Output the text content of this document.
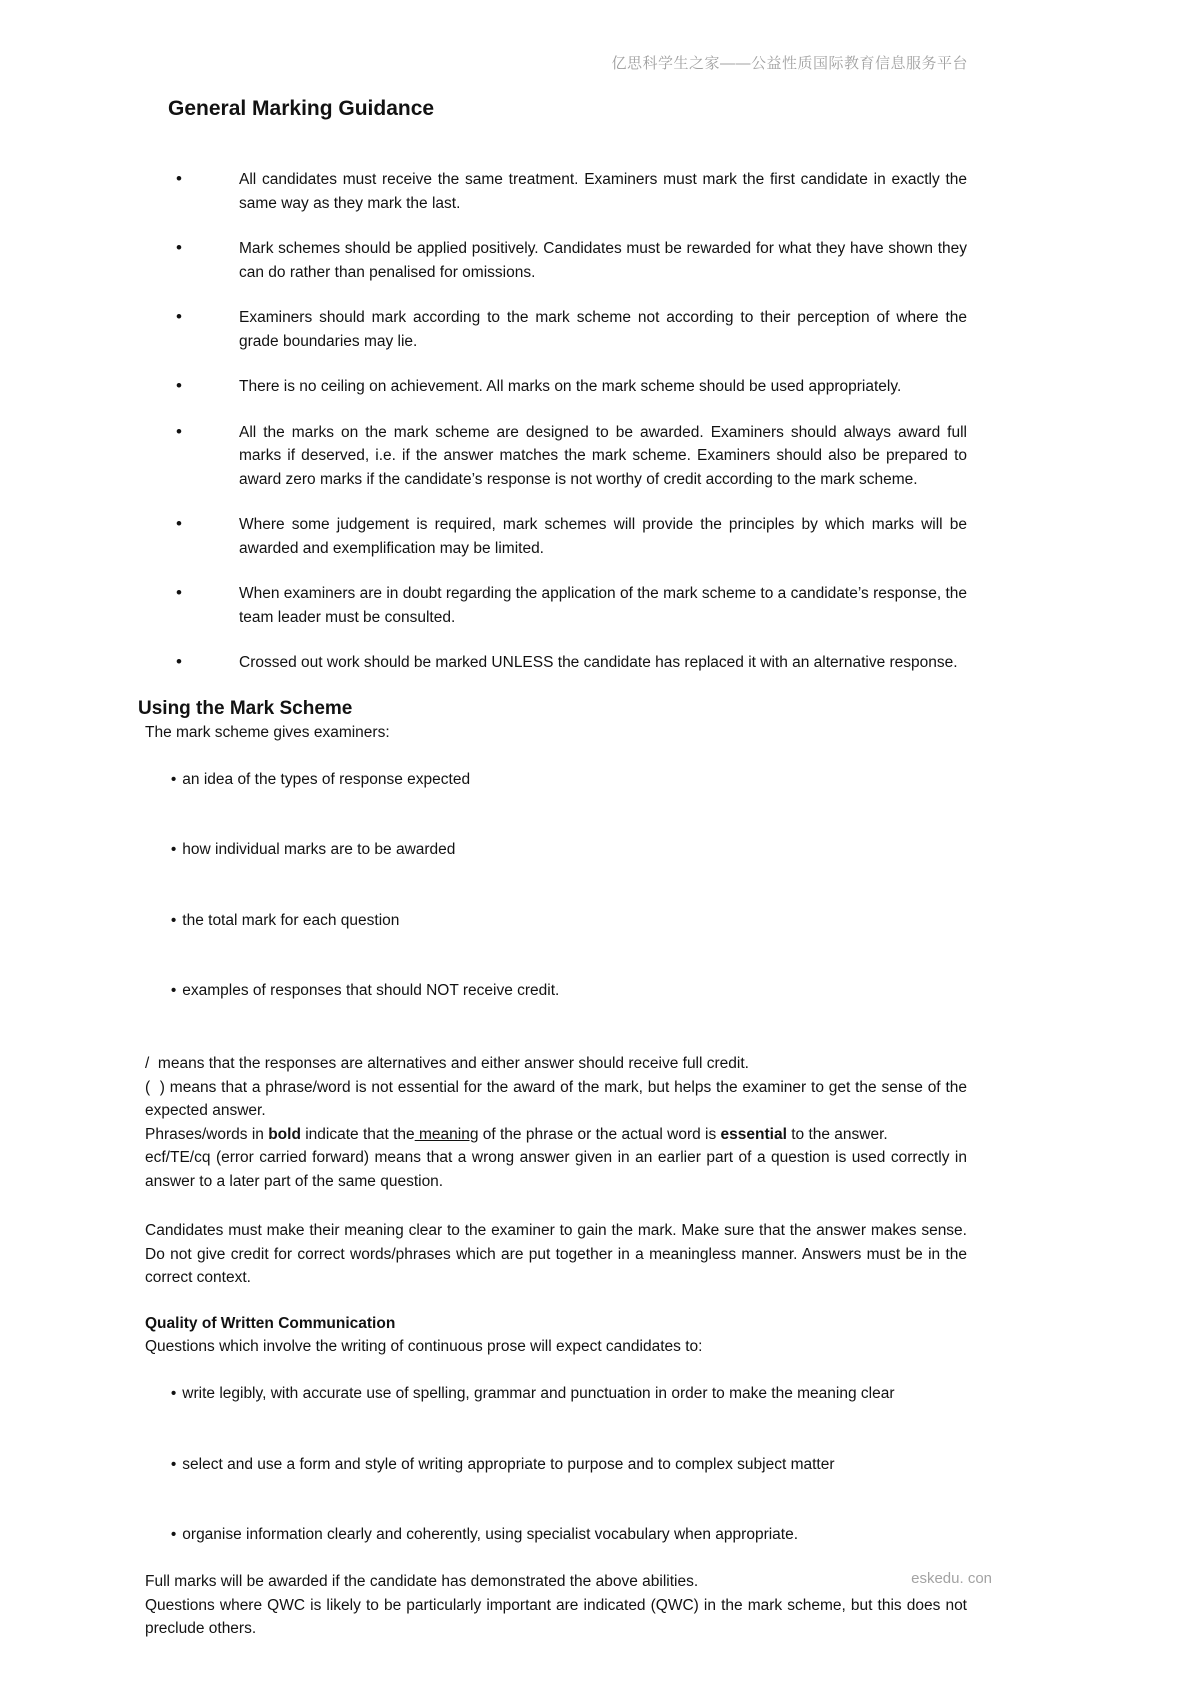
亿思科学生之家——公益性质国际教育信息服务平台
General Marking Guidance
•	All candidates must receive the same treatment. Examiners must mark the first candidate in exactly the same way as they mark the last.
•	Mark schemes should be applied positively. Candidates must be rewarded for what they have shown they can do rather than penalised for omissions.
•	Examiners should mark according to the mark scheme not according to their perception of where the grade boundaries may lie.
•	There is no ceiling on achievement. All marks on the mark scheme should be used appropriately.
•	All the marks on the mark scheme are designed to be awarded. Examiners should always award full marks if deserved, i.e. if the answer matches the mark scheme. Examiners should also be prepared to award zero marks if the candidate’s response is not worthy of credit according to the mark scheme.
•	Where some judgement is required, mark schemes will provide the principles by which marks will be awarded and exemplification may be limited.
•	When examiners are in doubt regarding the application of the mark scheme to a candidate’s response, the team leader must be consulted.
•	Crossed out work should be marked UNLESS the candidate has replaced it with an alternative response.
Using the Mark Scheme

The mark scheme gives examiners:

• an idea of the types of response expected

• how individual marks are to be awarded

• the total mark for each question

• examples of responses that should NOT receive credit.

/  means that the responses are alternatives and either answer should receive full credit.

(  ) means that a phrase/word is not essential for the award of the mark, but helps the examiner to get the sense of the expected answer.

Phrases/words in bold indicate that the meaning of the phrase or the actual word is essential to the answer.

ecf/TE/cq (error carried forward) means that a wrong answer given in an earlier part of a question is used correctly in answer to a later part of the same question.

Candidates must make their meaning clear to the examiner to gain the mark. Make sure that the answer makes sense. Do not give credit for correct words/phrases which are put together in a meaningless manner. Answers must be in the correct context.

Quality of Written Communication

Questions which involve the writing of continuous prose will expect candidates to:

• write legibly, with accurate use of spelling, grammar and punctuation in order to make the meaning clear

• select and use a form and style of writing appropriate to purpose and to complex subject matter

• organise information clearly and coherently, using specialist vocabulary when appropriate.

Full marks will be awarded if the candidate has demonstrated the above abilities.

Questions where QWC is likely to be particularly important are indicated (QWC) in the mark scheme, but this does not preclude others.

eskedu. con
